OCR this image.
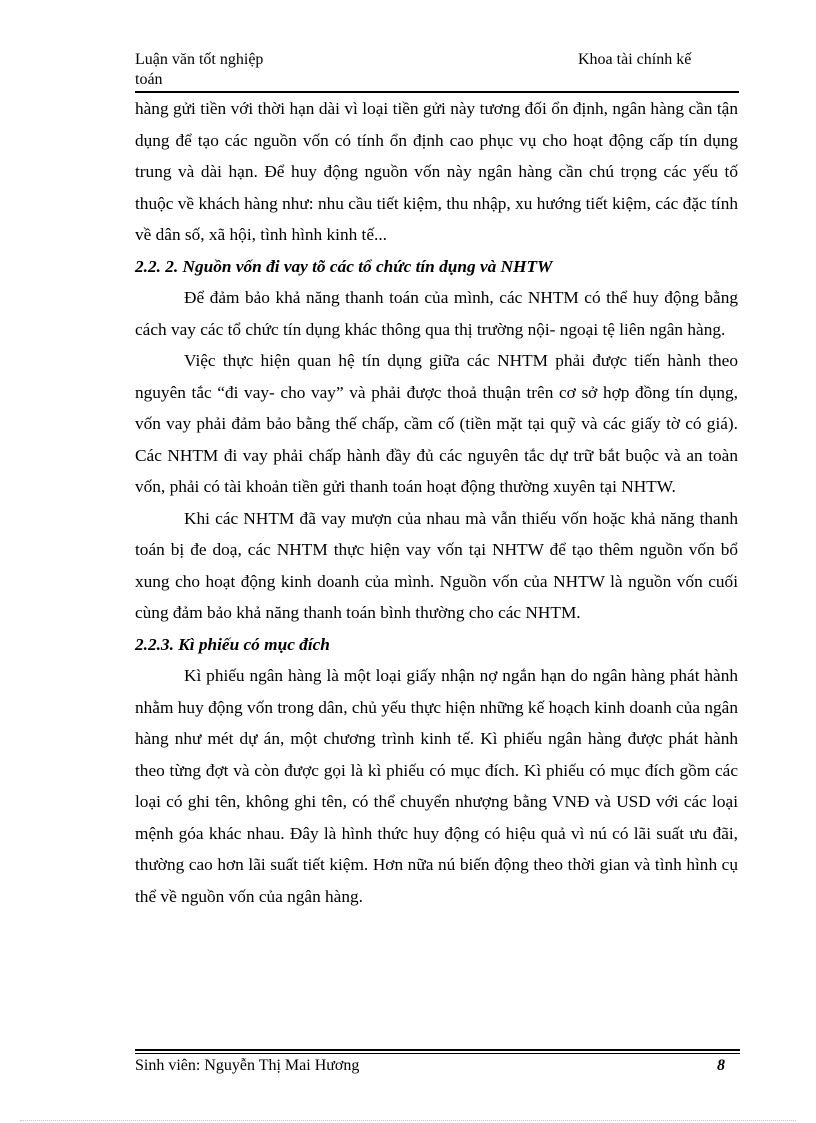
Luận văn tốt nghiệp
toán
Khoa tài chính kế

hàng gửi tiền với thời hạn dài vì loại tiền gửi này tương đối ổn định, ngân hàng cần tận dụng để tạo các nguồn vốn có tính ổn định cao phục vụ cho hoạt động cấp tín dụng trung và dài hạn. Để huy động nguồn vốn này ngân hàng cần chú trọng các yếu tố thuộc về khách hàng như: nhu cầu tiết kiệm, thu nhập, xu hướng tiết kiệm, các đặc tính về dân số, xã hội, tình hình kinh tế...

2.2. 2. Nguồn vốn đi vay tõ các tổ chức tín dụng và NHTW

Để đảm bảo khả năng thanh toán của mình, các NHTM có thể huy động bằng cách vay các tổ chức tín dụng khác thông qua thị trường nội- ngoại tệ liên ngân hàng.

Việc thực hiện quan hệ tín dụng giữa các NHTM phải được tiến hành theo nguyên tắc “đi vay- cho vay” và phải được thoả thuận trên cơ sở hợp đồng tín dụng, vốn vay phải đảm bảo bằng thế chấp, cầm cố (tiền mặt tại quỹ và các giấy tờ có giá). Các NHTM đi vay phải chấp hành đầy đủ các nguyên tắc dự trữ bắt buộc và an toàn vốn, phải có tài khoản tiền gửi thanh toán hoạt động thường xuyên tại NHTW.

Khi các NHTM đã vay mượn của nhau mà vẫn thiếu vốn hoặc khả năng thanh toán bị đe doạ, các NHTM thực hiện vay vốn tại NHTW để tạo thêm nguồn vốn bổ xung cho hoạt động kinh doanh của mình. Nguồn vốn của NHTW là nguồn vốn cuối cùng đảm bảo khả năng thanh toán bình thường cho các NHTM.

2.2.3. Kì phiếu có mục đích

Kì phiếu ngân hàng là một loại giấy nhận nợ ngắn hạn do ngân hàng phát hành nhằm huy động vốn trong dân, chủ yếu thực hiện những kế hoạch kinh doanh của ngân hàng như mét dự án, một chương trình kinh tế. Kì phiếu ngân hàng được phát hành theo từng đợt và còn được gọi là kì phiếu có mục đích. Kì phiếu có mục đích gồm các loại có ghi tên, không ghi tên, có thể chuyển nhượng bằng VNĐ và USD với các loại mệnh góa khác nhau. Đây là hình thức huy động có hiệu quả vì nú có lãi suất ưu đãi, thường cao hơn lãi suất tiết kiệm. Hơn nữa nú biến động theo thời gian và tình hình cụ thể về nguồn vốn của ngân hàng.

Sinh viên: Nguyễn Thị Mai Hương	8
